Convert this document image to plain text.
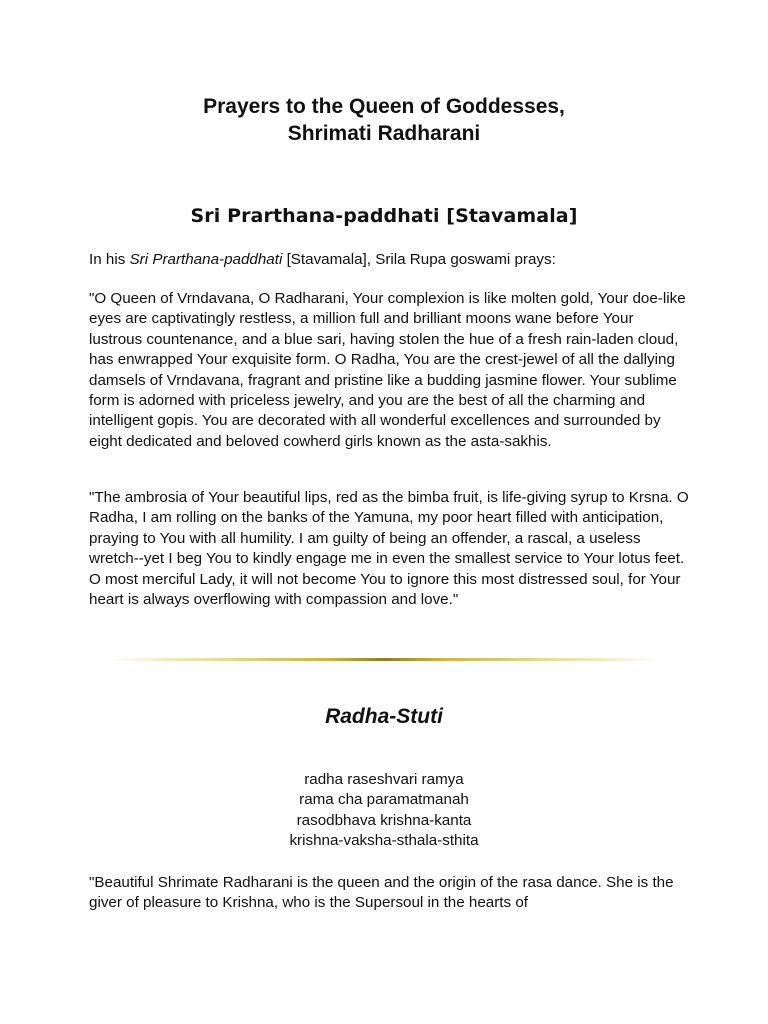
Prayers to the Queen of Goddesses,
Shrimati Radharani
Sri Prarthana-paddhati [Stavamala]

In his Sri Prarthana-paddhati [Stavamala], Srila Rupa goswami prays:

"O Queen of Vrndavana, O Radharani, Your complexion is like molten gold, Your doe-like eyes are captivatingly restless, a million full and brilliant moons wane before Your lustrous countenance, and a blue sari, having stolen the hue of a fresh rain-laden cloud, has enwrapped Your exquisite form. O Radha, You are the crest-jewel of all the dallying damsels of Vrndavana, fragrant and pristine like a budding jasmine flower. Your sublime form is adorned with priceless jewelry, and you are the best of all the charming and intelligent gopis. You are decorated with all wonderful excellences and surrounded by eight dedicated and beloved cowherd girls known as the asta-sakhis.

"The ambrosia of Your beautiful lips, red as the bimba fruit, is life-giving syrup to Krsna. O Radha, I am rolling on the banks of the Yamuna, my poor heart filled with anticipation, praying to You with all humility. I am guilty of being an offender, a rascal, a useless wretch--yet I beg You to kindly engage me in even the smallest service to Your lotus feet. O most merciful Lady, it will not become You to ignore this most distressed soul, for Your heart is always overflowing with compassion and love."

Radha-Stuti

radha raseshvari ramya
rama cha paramatmanah
rasodbhava krishna-kanta
krishna-vaksha-sthala-sthita

"Beautiful Shrimate Radharani is the queen and the origin of the rasa dance. She is the giver of pleasure to Krishna, who is the Supersoul in the hearts of
